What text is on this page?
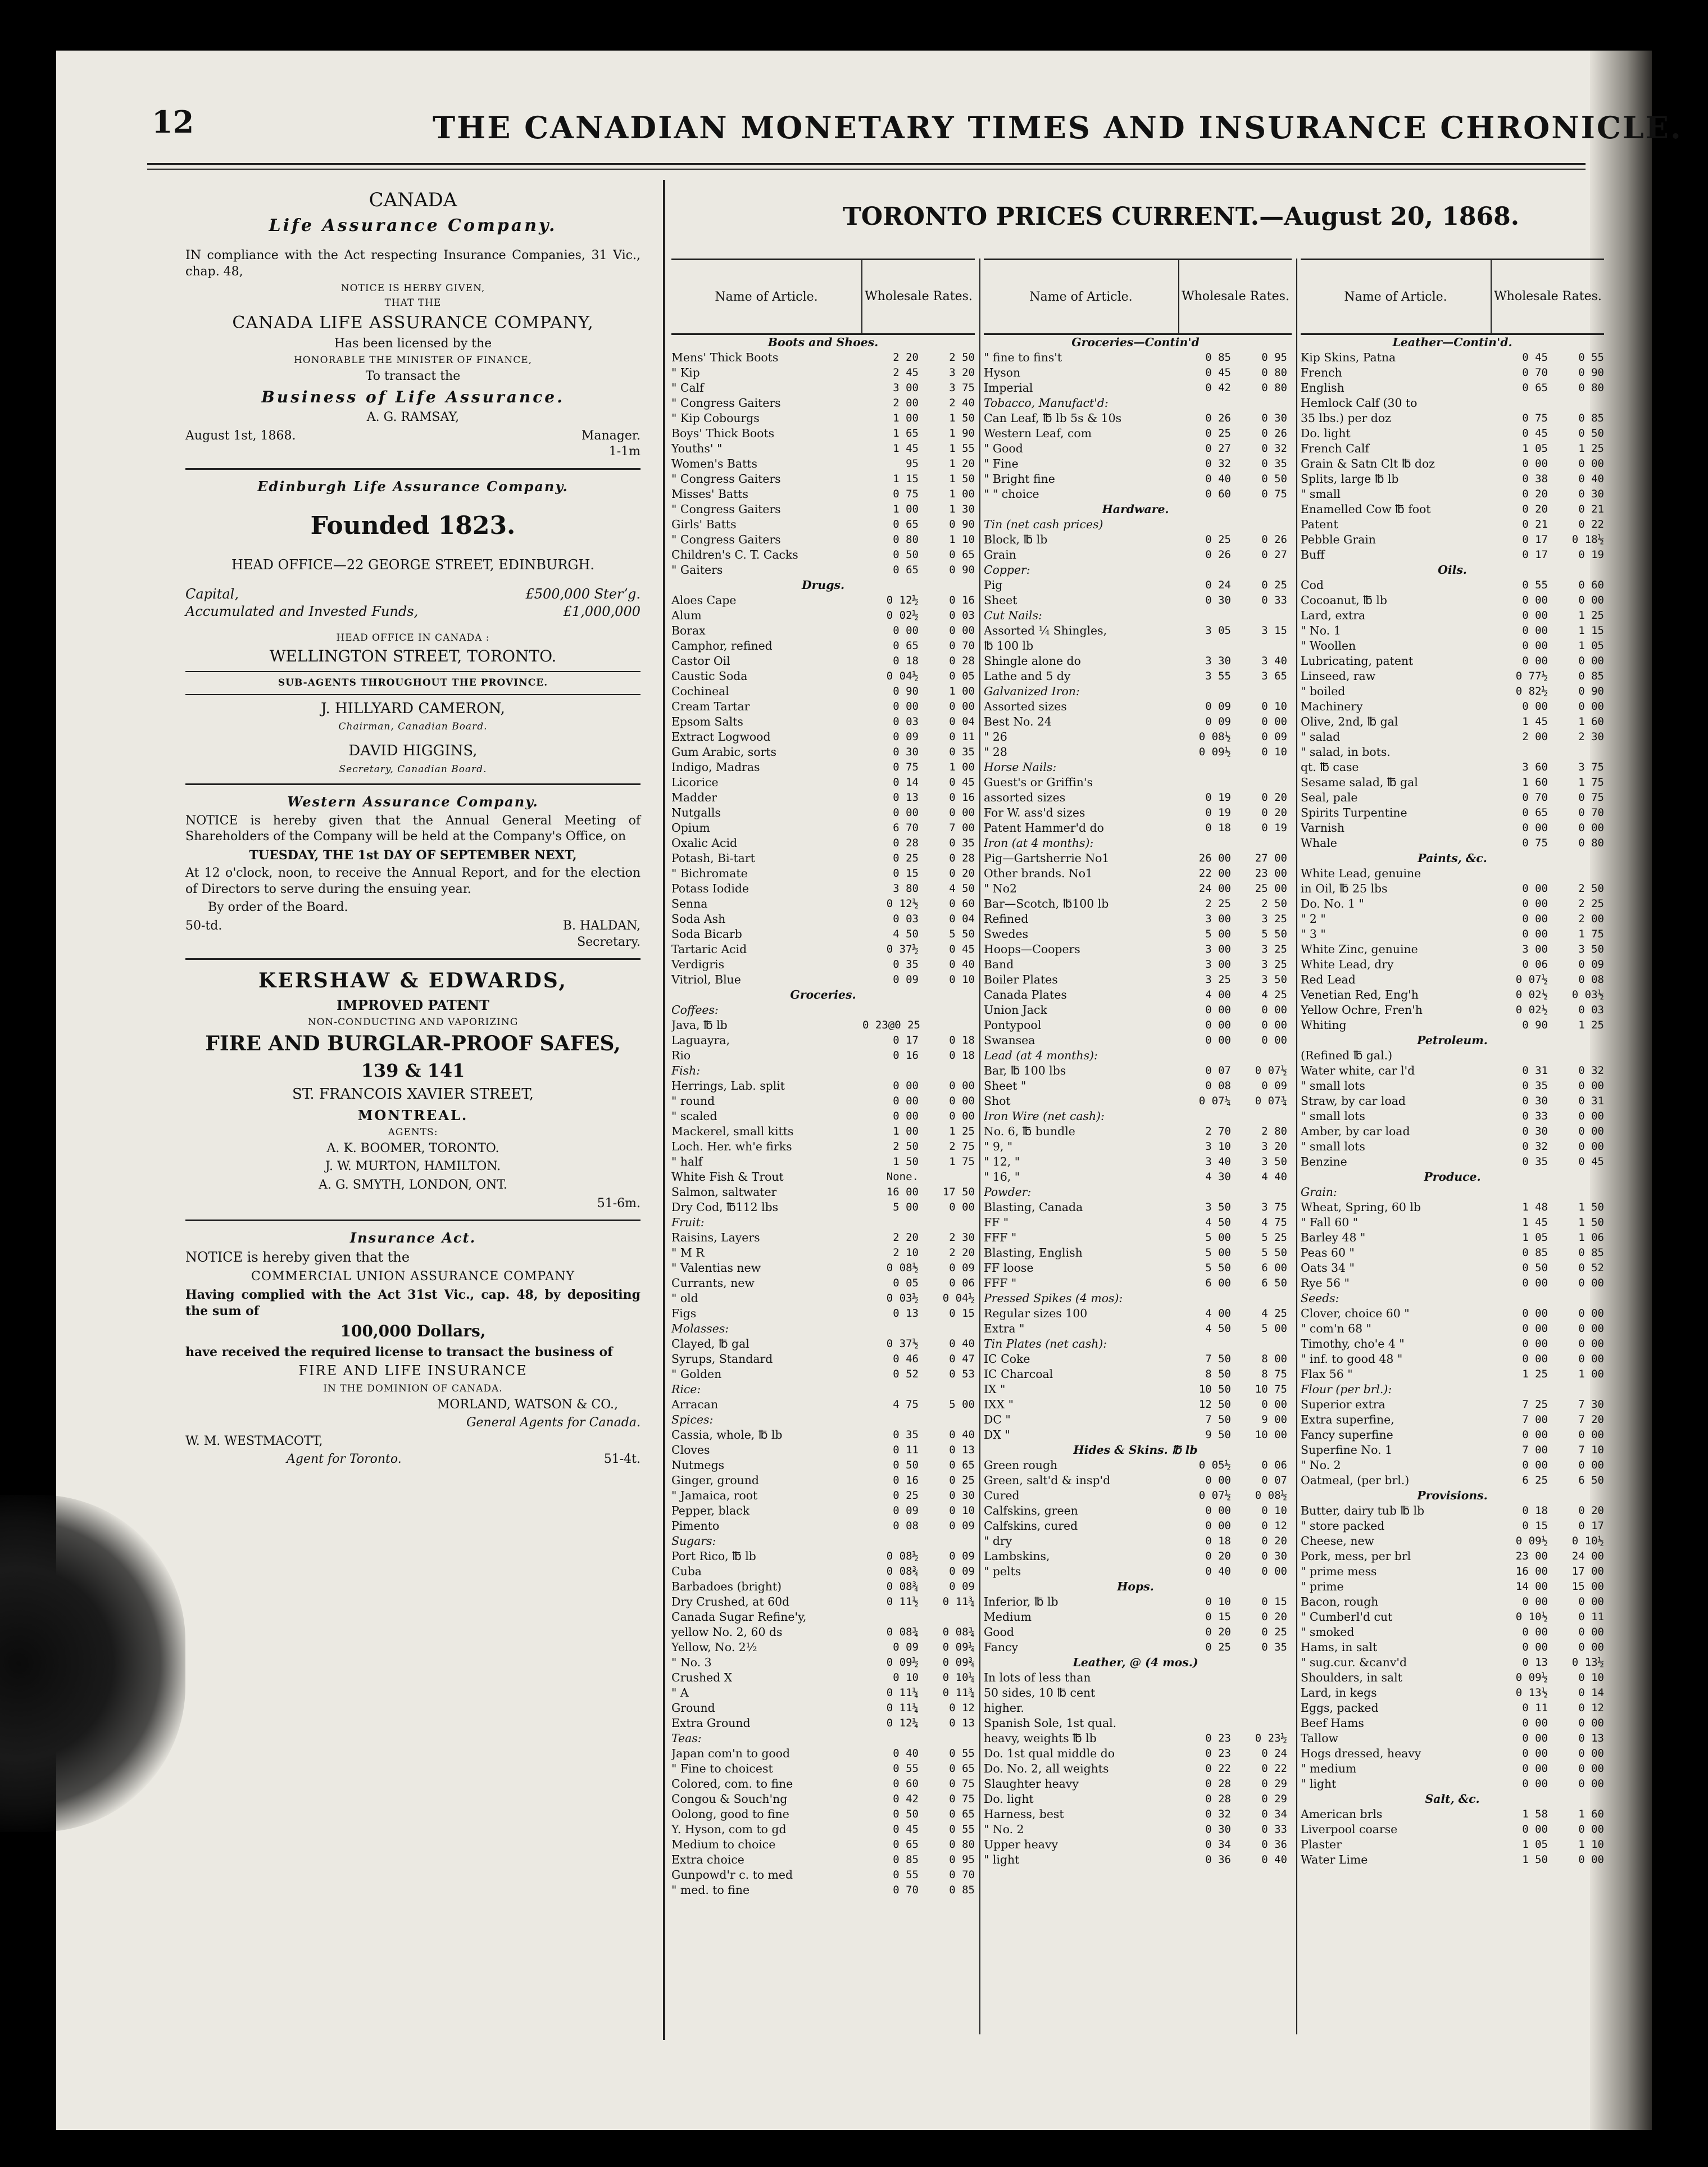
12	THE CANADIAN MONETARY TIMES AND INSURANCE CHRONICLE.

CANADA

Life Assurance Company.

IN compliance with the Act respecting Insurance Companies, 31 Vic., chap. 48,

NOTICE IS HERBY GIVEN,

THAT THE

CANADA LIFE ASSURANCE COMPANY,

Has been licensed by the

HONORABLE THE MINISTER OF FINANCE,

To transact the

Business of Life Assurance.

A. G. RAMSAY,

August 1st, 1868.	Manager.
1-1m

Edinburgh Life Assurance Company.

Founded 1823.

HEAD OFFICE—22 GEORGE STREET, EDINBURGH.

Capital,	£500,000 Sterʼg.
Accumulated and Invested Funds,	£1,000,000

HEAD OFFICE IN CANADA :

WELLINGTON STREET, TORONTO.

SUB-AGENTS THROUGHOUT THE PROVINCE.

J. HILLYARD CAMERON,

Chairman, Canadian Board.

DAVID HIGGINS,

Secretary, Canadian Board.

Western Assurance Company.

NOTICE is hereby given that the Annual General Meeting of Shareholders of the Company will be held at the Company's Office, on

TUESDAY, THE 1st DAY OF SEPTEMBER NEXT,

At 12 o'clock, noon, to receive the Annual Report, and for the election of Directors to serve during the ensuing year.

By order of the Board.

50-td.	B. HALDAN,
Secretary.

KERSHAW & EDWARDS,

IMPROVED PATENT

NON-CONDUCTING AND VAPORIZING

FIRE AND BURGLAR-PROOF SAFES,

139 & 141

ST. FRANCOIS XAVIER STREET,

MONTREAL.

AGENTS:

A. K. BOOMER, TORONTO.

J. W. MURTON, HAMILTON.

A. G. SMYTH, LONDON, ONT.

51-6m.

Insurance Act.

NOTICE is hereby given that the

COMMERCIAL UNION ASSURANCE COMPANY

Having complied with the Act 31st Vic., cap. 48, by depositing the sum of

100,000 Dollars,

have received the required license to transact the business of

FIRE AND LIFE INSURANCE

IN THE DOMINION OF CANADA.

MORLAND, WATSON & CO.,

General Agents for Canada.

W. M. WESTMACOTT,

Agent for Toronto.	51-4t.
TORONTO PRICES CURRENT.—August 20, 1868.
Name of Article.	Wholesale Rates.
Boots and Shoes.
Mens' Thick Boots	2 20	2 50
" Kip	2 45	3 20
" Calf	3 00	3 75
" Congress Gaiters	2 00	2 40
" Kip Cobourgs	1 00	1 50
Boys' Thick Boots	1 65	1 90
Youths' "	1 45	1 55
Women's Batts	95	1 20
" Congress Gaiters	1 15	1 50
Misses' Batts	0 75	1 00
" Congress Gaiters	1 00	1 30
Girls' Batts	0 65	0 90
" Congress Gaiters	0 80	1 10
Children's C. T. Cacks	0 50	0 65
" Gaiters	0 65	0 90
Drugs.
Aloes Cape	0 12½	0 16
Alum	0 02½	0 03
Borax	0 00	0 00
Camphor, refined	0 65	0 70
Castor Oil	0 18	0 28
Caustic Soda	0 04½	0 05
Cochineal	0 90	1 00
Cream Tartar	0 00	0 00
Epsom Salts	0 03	0 04
Extract Logwood	0 09	0 11
Gum Arabic, sorts	0 30	0 35
Indigo, Madras	0 75	1 00
Licorice	0 14	0 45
Madder	0 13	0 16
Nutgalls	0 00	0 00
Opium	6 70	7 00
Oxalic Acid	0 28	0 35
Potash, Bi-tart	0 25	0 28
" Bichromate	0 15	0 20
Potass Iodide	3 80	4 50
Senna	0 12½	0 60
Soda Ash	0 03	0 04
Soda Bicarb	4 50	5 50
Tartaric Acid	0 37½	0 45
Verdigris	0 35	0 40
Vitriol, Blue	0 09	0 10
Groceries.
Coffees:
Java, ℔ lb	0 23@0 25
Laguayra,	0 17	0 18
Rio	0 16	0 18
Fish:
Herrings, Lab. split	0 00	0 00
" round	0 00	0 00
" scaled	0 00	0 00
Mackerel, small kitts	1 00	1 25
Loch. Her. wh'e firks	2 50	2 75
" half	1 50	1 75
White Fish & Trout	None.
Salmon, saltwater	16 00	17 50
Dry Cod, ℔112 lbs	5 00	0 00
Fruit:
Raisins, Layers	2 20	2 30
" M R	2 10	2 20
" Valentias new	0 08½	0 09
Currants, new	0 05	0 06
" old	0 03½	0 04½
Figs	0 13	0 15
Molasses:
Clayed, ℔ gal	0 37½	0 40
Syrups, Standard	0 46	0 47
" Golden	0 52	0 53
Rice:
Arracan	4 75	5 00
Spices:
Cassia, whole, ℔ lb	0 35	0 40
Cloves	0 11	0 13
Nutmegs	0 50	0 65
Ginger, ground	0 16	0 25
" Jamaica, root	0 25	0 30
Pepper, black	0 09	0 10
Pimento	0 08	0 09
Sugars:
Port Rico, ℔ lb	0 08½	0 09
Cuba	0 08¾	0 09
Barbadoes (bright)	0 08¾	0 09
Dry Crushed, at 60d	0 11½	0 11¾
Canada Sugar Refine'y,
yellow No. 2, 60 ds	0 08¾	0 08¾
Yellow, No. 2½	0 09	0 09¼
" No. 3	0 09½	0 09¾
Crushed X	0 10	0 10¼
" A	0 11¼	0 11¾
Ground	0 11¼	0 12
Extra Ground	0 12¼	0 13
Teas:
Japan com'n to good	0 40	0 55
" Fine to choicest	0 55	0 65
Colored, com. to fine	0 60	0 75
Congou & Souch'ng	0 42	0 75
Oolong, good to fine	0 50	0 65
Y. Hyson, com to gd	0 45	0 55
Medium to choice	0 65	0 80
Extra choice	0 85	0 95
Gunpowd'r c. to med	0 55	0 70
" med. to fine	0 70	0 85
Name of Article.	Wholesale Rates.
Groceries—Contin'd
" fine to fins't	0 85	0 95
Hyson	0 45	0 80
Imperial	0 42	0 80
Tobacco, Manufact'd:
Can Leaf, ℔ lb 5s & 10s	0 26	0 30
Western Leaf, com	0 25	0 26
" Good	0 27	0 32
" Fine	0 32	0 35
" Bright fine	0 40	0 50
" " choice	0 60	0 75
Hardware.
Tin (net cash prices)
Block, ℔ lb	0 25	0 26
Grain	0 26	0 27
Copper:
Pig	0 24	0 25
Sheet	0 30	0 33
Cut Nails:
Assorted ¼ Shingles,	3 05	3 15
℔ 100 lb
Shingle alone do	3 30	3 40
Lathe and 5 dy	3 55	3 65
Galvanized Iron:
Assorted sizes	0 09	0 10
Best No. 24	0 09	0 00
" 26	0 08½	0 09
" 28	0 09½	0 10
Horse Nails:
Guest's or Griffin's
assorted sizes	0 19	0 20
For W. ass'd sizes	0 19	0 20
Patent Hammer'd do	0 18	0 19
Iron (at 4 months):
Pig—Gartsherrie No1	26 00	27 00
Other brands. No1	22 00	23 00
" No2	24 00	25 00
Bar—Scotch, ℔100 lb	2 25	2 50
Refined	3 00	3 25
Swedes	5 00	5 50
Hoops—Coopers	3 00	3 25
Band	3 00	3 25
Boiler Plates	3 25	3 50
Canada Plates	4 00	4 25
Union Jack	0 00	0 00
Pontypool	0 00	0 00
Swansea	0 00	0 00
Lead (at 4 months):
Bar, ℔ 100 lbs	0 07	0 07½
Sheet "	0 08	0 09
Shot	0 07¼	0 07¾
Iron Wire (net cash):
No. 6, ℔ bundle	2 70	2 80
" 9, "	3 10	3 20
" 12, "	3 40	3 50
" 16, "	4 30	4 40
Powder:
Blasting, Canada	3 50	3 75
FF "	4 50	4 75
FFF "	5 00	5 25
Blasting, English	5 00	5 50
FF loose	5 50	6 00
FFF "	6 00	6 50
Pressed Spikes (4 mos):
Regular sizes 100	4 00	4 25
Extra "	4 50	5 00
Tin Plates (net cash):
IC Coke	7 50	8 00
IC Charcoal	8 50	8 75
IX "	10 50	10 75
IXX "	12 50	0 00
DC "	7 50	9 00
DX "	9 50	10 00
Hides & Skins. ℔ lb
Green rough	0 05½	0 06
Green, salt'd & insp'd	0 00	0 07
Cured	0 07½	0 08½
Calfskins, green	0 00	0 10
Calfskins, cured	0 00	0 12
" dry	0 18	0 20
Lambskins,	0 20	0 30
" pelts	0 40	0 00
Hops.
Inferior, ℔ lb	0 10	0 15
Medium	0 15	0 20
Good	0 20	0 25
Fancy	0 25	0 35
Leather, @ (4 mos.)
In lots of less than
50 sides, 10 ℔ cent
higher.
Spanish Sole, 1st qual.
heavy, weights ℔ lb	0 23	0 23½
Do. 1st qual middle do	0 23	0 24
Do. No. 2, all weights	0 22	0 22
Slaughter heavy	0 28	0 29
Do. light	0 28	0 29
Harness, best	0 32	0 34
" No. 2	0 30	0 33
Upper heavy	0 34	0 36
" light	0 36	0 40
Name of Article.	Wholesale Rates.
Leather—Contin'd.
Kip Skins, Patna	0 45	0 55
French	0 70	0 90
English	0 65	0 80
Hemlock Calf (30 to
35 lbs.) per doz	0 75	0 85
Do. light	0 45	0 50
French Calf	1 05	1 25
Grain & Satn Clt ℔ doz	0 00	0 00
Splits, large ℔ lb	0 38	0 40
" small	0 20	0 30
Enamelled Cow ℔ foot	0 20	0 21
Patent	0 21	0 22
Pebble Grain	0 17	0 18½
Buff	0 17	0 19
Oils.
Cod	0 55	0 60
Cocoanut, ℔ lb	0 00	0 00
Lard, extra	0 00	1 25
" No. 1	0 00	1 15
" Woollen	0 00	1 05
Lubricating, patent	0 00	0 00
Linseed, raw	0 77½	0 85
" boiled	0 82½	0 90
Machinery	0 00	0 00
Olive, 2nd, ℔ gal	1 45	1 60
" salad	2 00	2 30
" salad, in bots.
qt. ℔ case	3 60	3 75
Sesame salad, ℔ gal	1 60	1 75
Seal, pale	0 70	0 75
Spirits Turpentine	0 65	0 70
Varnish	0 00	0 00
Whale	0 75	0 80
Paints, &c.
White Lead, genuine
in Oil, ℔ 25 lbs	0 00	2 50
Do. No. 1 "	0 00	2 25
" 2 "	0 00	2 00
" 3 "	0 00	1 75
White Zinc, genuine	3 00	3 50
White Lead, dry	0 06	0 09
Red Lead	0 07½	0 08
Venetian Red, Eng'h	0 02½	0 03½
Yellow Ochre, Fren'h	0 02½	0 03
Whiting	0 90	1 25
Petroleum.
(Refined ℔ gal.)
Water white, car l'd	0 31	0 32
" small lots	0 35	0 00
Straw, by car load	0 30	0 31
" small lots	0 33	0 00
Amber, by car load	0 30	0 00
" small lots	0 32	0 00
Benzine	0 35	0 45
Produce.
Grain:
Wheat, Spring, 60 lb	1 48	1 50
" Fall 60 "	1 45	1 50
Barley 48 "	1 05	1 06
Peas 60 "	0 85	0 85
Oats 34 "	0 50	0 52
Rye 56 "	0 00	0 00
Seeds:
Clover, choice 60 "	0 00	0 00
" com'n 68 "	0 00	0 00
Timothy, cho'e 4 "	0 00	0 00
" inf. to good 48 "	0 00	0 00
Flax 56 "	1 25	1 00
Flour (per brl.):
Superior extra	7 25	7 30
Extra superfine,	7 00	7 20
Fancy superfine	0 00	0 00
Superfine No. 1	7 00	7 10
" No. 2	0 00	0 00
Oatmeal, (per brl.)	6 25	6 50
Provisions.
Butter, dairy tub ℔ lb	0 18	0 20
" store packed	0 15	0 17
Cheese, new	0 09½	0 10½
Pork, mess, per brl	23 00	24 00
" prime mess	16 00	17 00
" prime	14 00	15 00
Bacon, rough	0 00	0 00
" Cumberl'd cut	0 10½	0 11
" smoked	0 00	0 00
Hams, in salt	0 00	0 00
" sug.cur. &canv'd	0 13	0 13½
Shoulders, in salt	0 09½	0 10
Lard, in kegs	0 13½	0 14
Eggs, packed	0 11	0 12
Beef Hams	0 00	0 00
Tallow	0 00	0 13
Hogs dressed, heavy	0 00	0 00
" medium	0 00	0 00
" light	0 00	0 00
Salt, &c.
American brls	1 58	1 60
Liverpool coarse	0 00	0 00
Plaster	1 05	1 10
Water Lime	1 50	0 00
